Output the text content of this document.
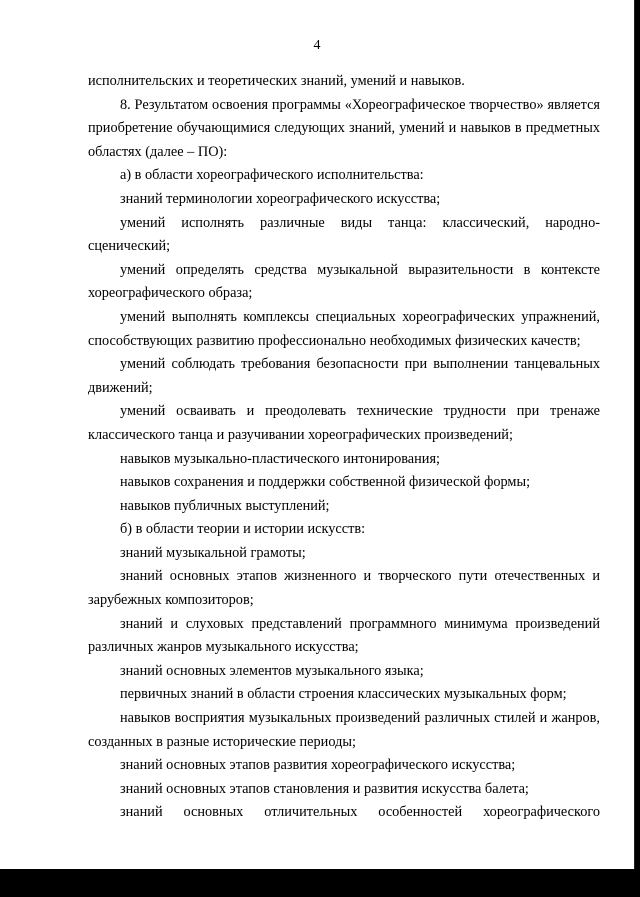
4

исполнительских и теоретических знаний, умений и навыков.

8. Результатом освоения программы «Хореографическое творчество» является приобретение обучающимися следующих знаний, умений и навыков в предметных областях (далее – ПО):

а) в области хореографического исполнительства:

знаний терминологии хореографического искусства;

умений исполнять различные виды танца: классический, народно-сценический;

умений определять средства музыкальной выразительности в контексте хореографического образа;

умений выполнять комплексы специальных хореографических упражнений, способствующих развитию профессионально необходимых физических качеств;

умений соблюдать требования безопасности при выполнении танцевальных движений;

умений осваивать и преодолевать технические трудности при тренаже классического танца и разучивании хореографических произведений;

навыков музыкально-пластического интонирования;

навыков сохранения и поддержки собственной физической формы;

навыков публичных выступлений;

б) в области теории и истории искусств:

знаний музыкальной грамоты;

знаний основных этапов жизненного и творческого пути отечественных и зарубежных композиторов;

знаний и слуховых представлений программного минимума произведений различных жанров музыкального искусства;

знаний основных элементов музыкального языка;

первичных знаний в области строения классических музыкальных форм;

навыков восприятия музыкальных произведений различных стилей и жанров, созданных в разные исторические периоды;

знаний основных этапов развития хореографического искусства;

знаний основных этапов становления и развития искусства балета;

знаний основных отличительных особенностей хореографического
